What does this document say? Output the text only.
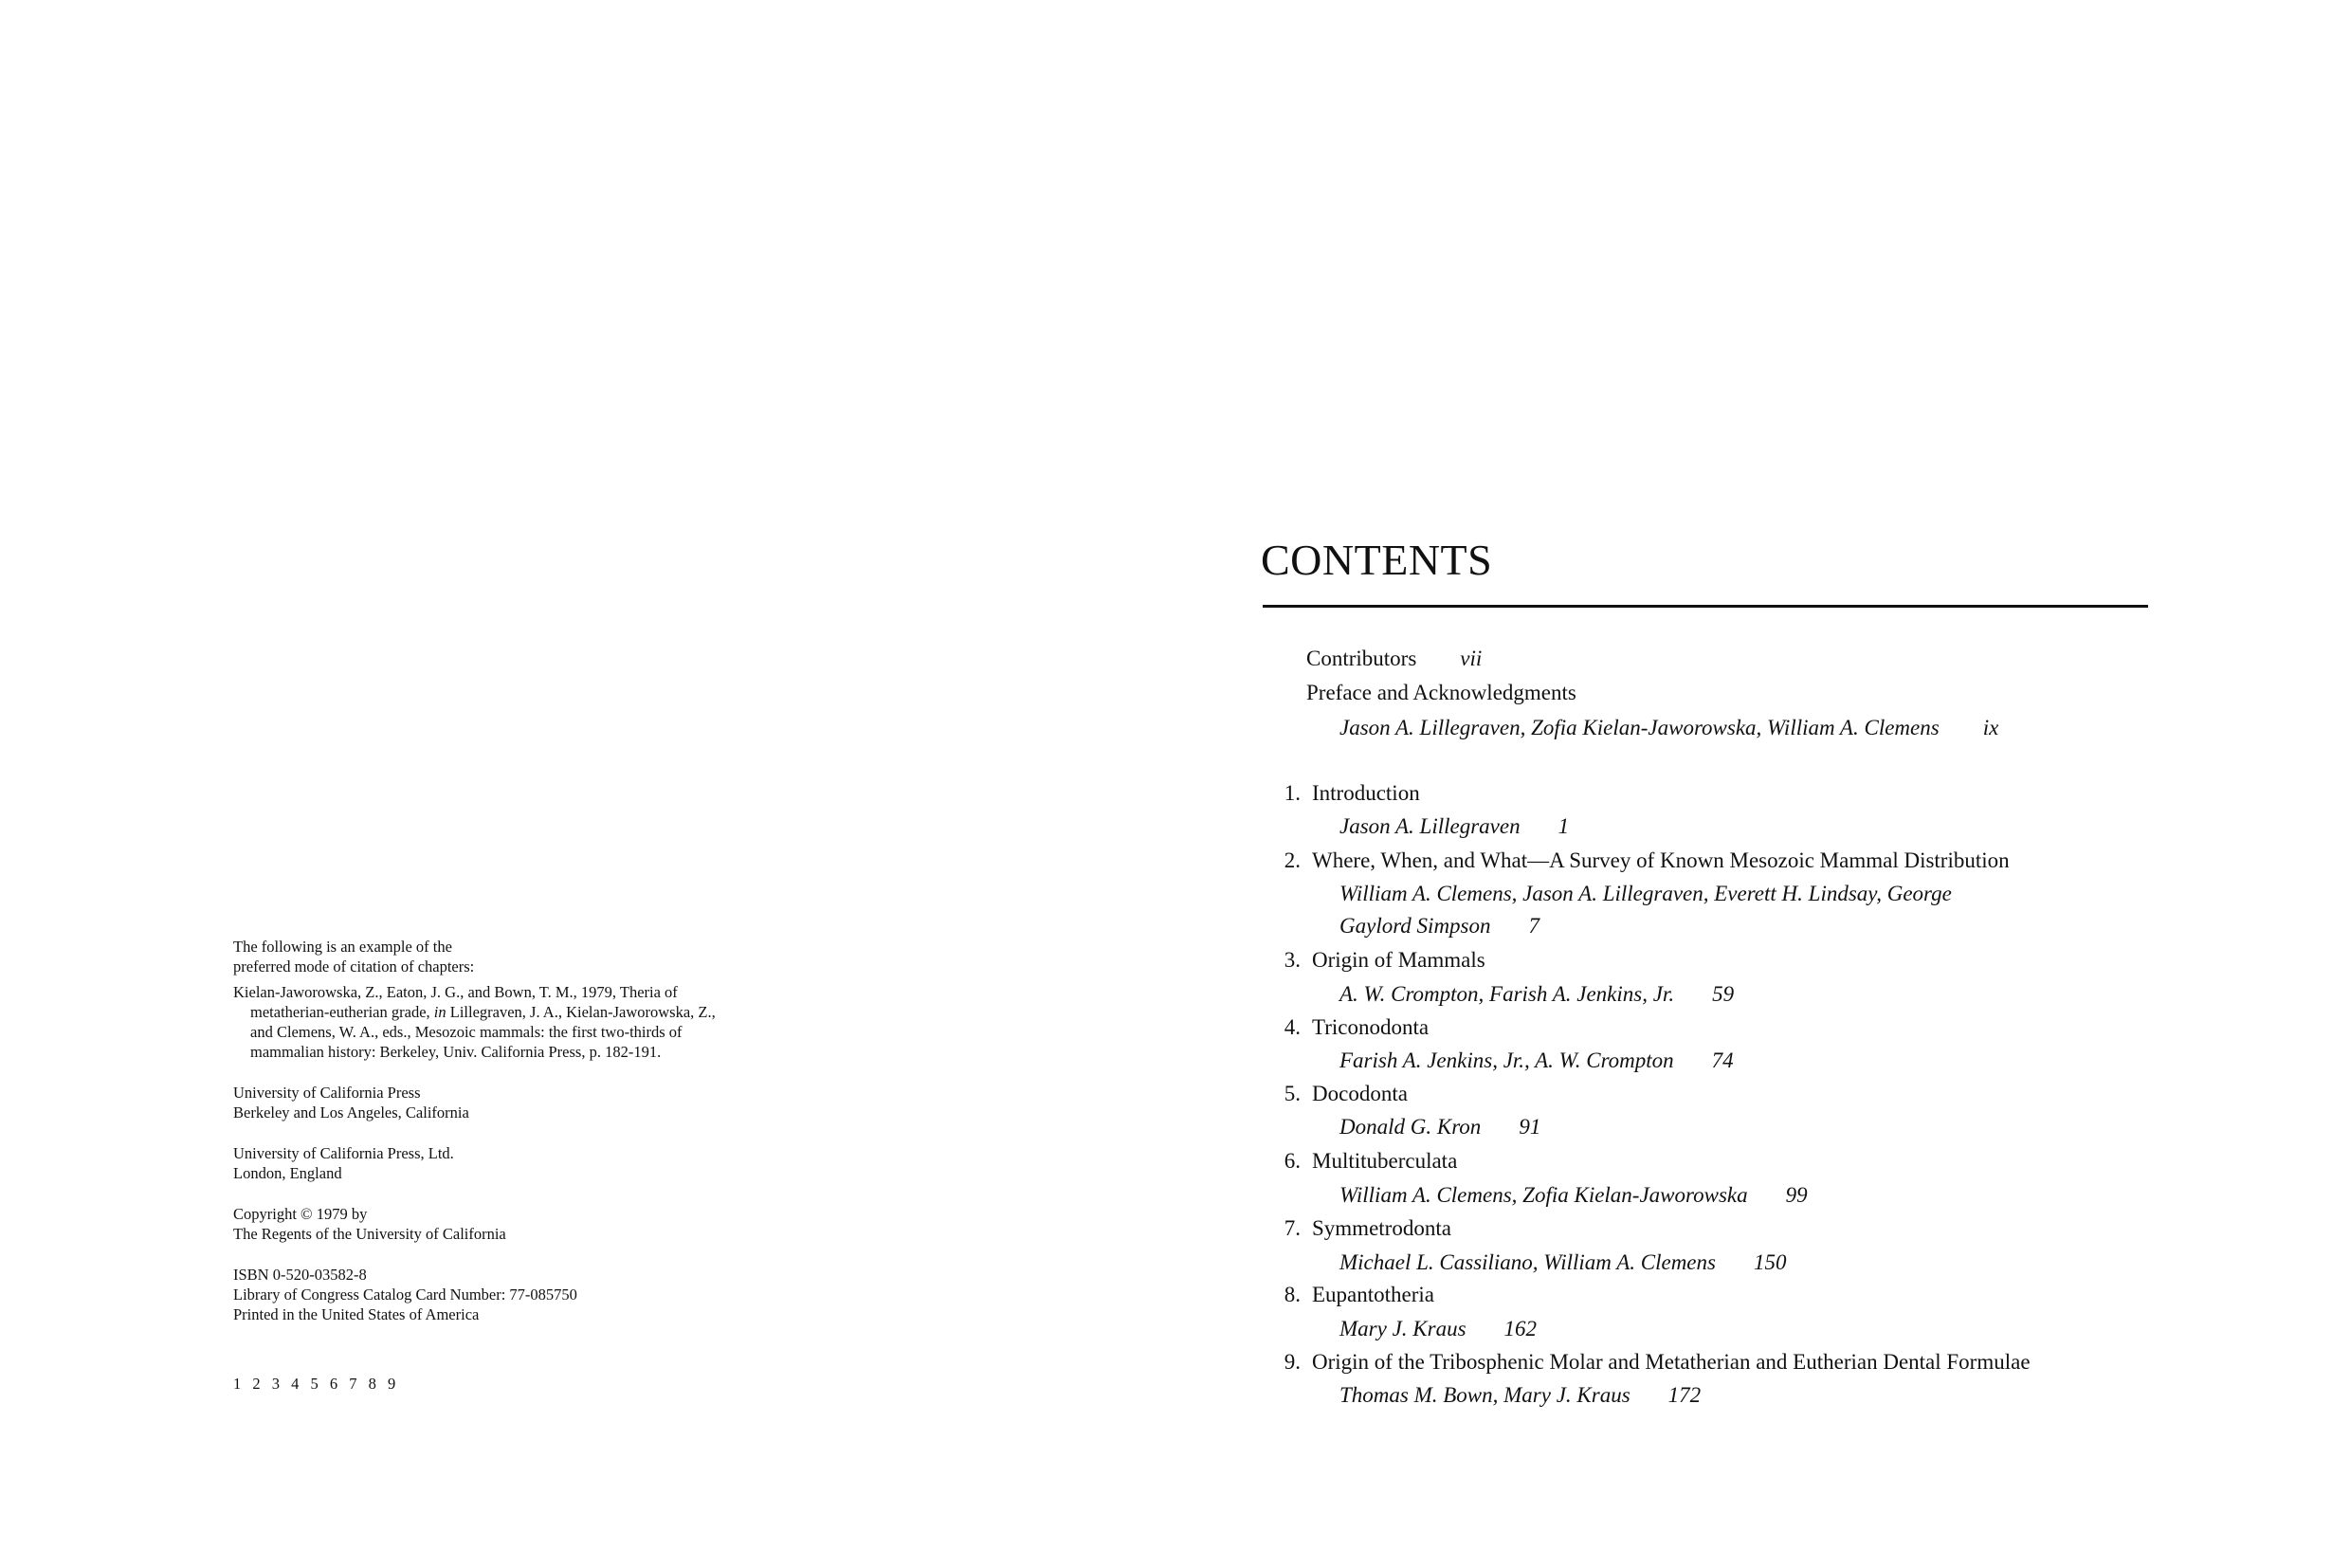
The following is an example of the
preferred mode of citation of chapters:
Kielan-Jaworowska, Z., Eaton, J. G., and Bown, T. M., 1979, Theria of
metatherian-eutherian grade, in Lillegraven, J. A., Kielan-Jaworowska, Z.,
and Clemens, W. A., eds., Mesozoic mammals: the first two-thirds of
mammalian history: Berkeley, Univ. California Press, p. 182-191.
University of California Press
Berkeley and Los Angeles, California
University of California Press, Ltd.
London, England
Copyright © 1979 by
The Regents of the University of California
ISBN 0-520-03582-8
Library of Congress Catalog Card Number: 77-085750
Printed in the United States of America
1 2 3 4 5 6 7 8 9
CONTENTS
Contributors vii
Preface and Acknowledgments
Jason A. Lillegraven, Zofia Kielan-Jaworowska, William A. Clemens ix
1. Introduction
Jason A. Lillegraven 1
2. Where, When, and What—A Survey of Known Mesozoic Mammal Distribution
William A. Clemens, Jason A. Lillegraven, Everett H. Lindsay, George
Gaylord Simpson 7
3. Origin of Mammals
A. W. Crompton, Farish A. Jenkins, Jr. 59
4. Triconodonta
Farish A. Jenkins, Jr., A. W. Crompton 74
5. Docodonta
Donald G. Kron 91
6. Multituberculata
William A. Clemens, Zofia Kielan-Jaworowska 99
7. Symmetrodonta
Michael L. Cassiliano, William A. Clemens 150
8. Eupantotheria
Mary J. Kraus 162
9. Origin of the Tribosphenic Molar and Metatherian and Eutherian Dental Formulae
Thomas M. Bown, Mary J. Kraus 172
